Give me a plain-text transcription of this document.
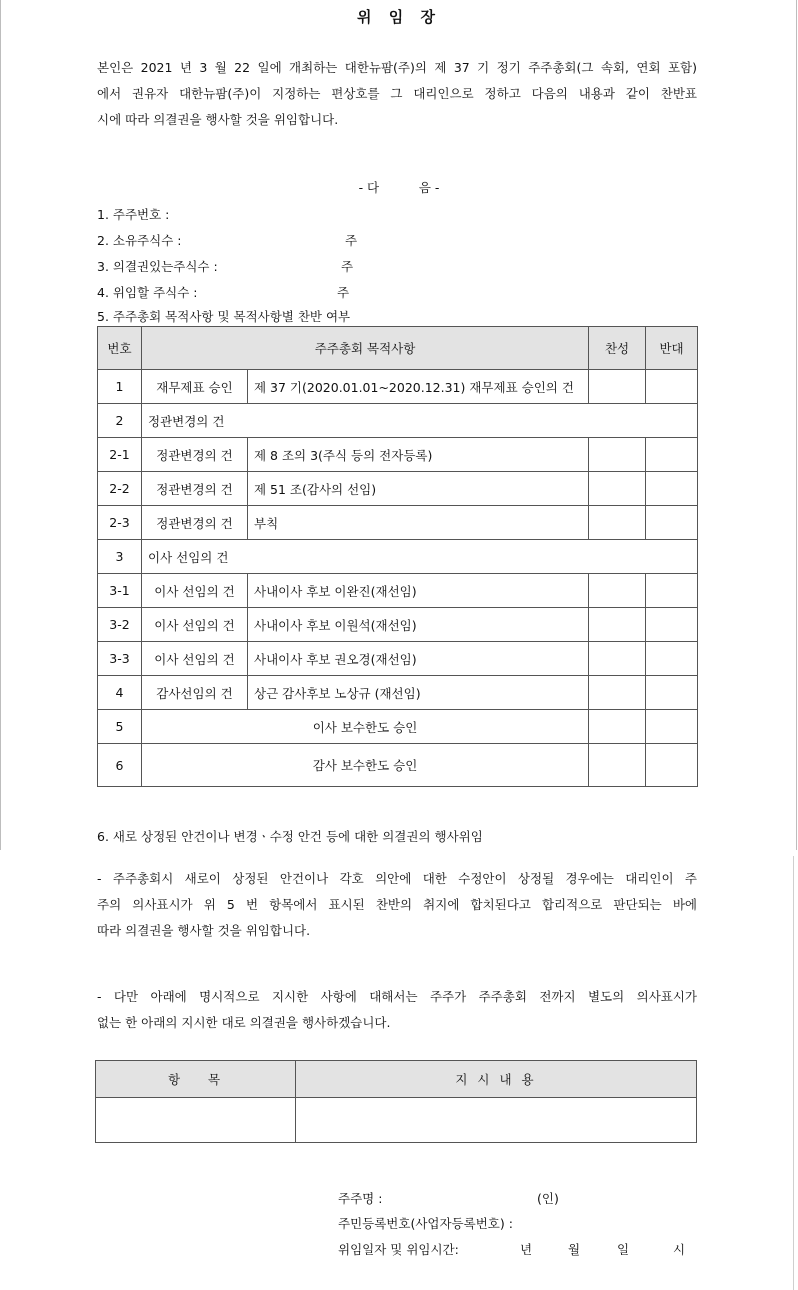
위 임 장
본인은 2021 년 3 월 22 일에 개최하는 대한뉴팜(주)의 제 37 기 정기 주주총회(그 속회, 연회 포함)
에서 권유자 대한뉴팜(주)이 지정하는 편상호를 그 대리인으로 정하고 다음의 내용과 같이 찬반표
시에 따라 의결권을 행사할 것을 위임합니다.
- 다          음 -
1. 주주번호 :
2. 소유주식수 :	주
3. 의결권있는주식수 :	주
4. 위임할 주식수 :	주
5. 주주총회 목적사항 및 목적사항별 찬반 여부
번호	주주총회 목적사항		찬성	반대
1	재무제표 승인	제 37 기(2020.01.01~2020.12.31) 재무제표 승인의 건		
2	정관변경의 건			
2-1	정관변경의 건	제 8 조의 3(주식 등의 전자등록)		
2-2	정관변경의 건	제 51 조(감사의 선임)		
2-3	정관변경의 건	부칙		
3	이사 선임의 건			
3-1	이사 선임의 건	사내이사 후보 이완진(재선임)		
3-2	이사 선임의 건	사내이사 후보 이원석(재선임)		
3-3	이사 선임의 건	사내이사 후보 권오경(재선임)		
4	감사선임의 건	상근 감사후보 노상규 (재선임)		
5	이사 보수한도 승인			
6	감사 보수한도 승인			
6. 새로 상정된 안건이나 변경ㆍ수정 안건 등에 대한 의결권의 행사위임
- 주주총회시 새로이 상정된 안건이나 각호 의안에 대한 수정안이 상정될 경우에는 대리인이 주
주의 의사표시가 위 5 번 항목에서 표시된 찬반의 취지에 합치된다고 합리적으로 판단되는 바에
따라 의결권을 행사할 것을 위임합니다.
- 다만 아래에 명시적으로 지시한 사항에 대해서는 주주가 주주총회 전까지 별도의 의사표시가
없는 한 아래의 지시한 대로 의결권을 행사하겠습니다.
항 목	지 시 내 용

주주명 :	(인)
주민등록번호(사업자등록번호) :
위임일자 및 위임시간:	년	월	일	시
